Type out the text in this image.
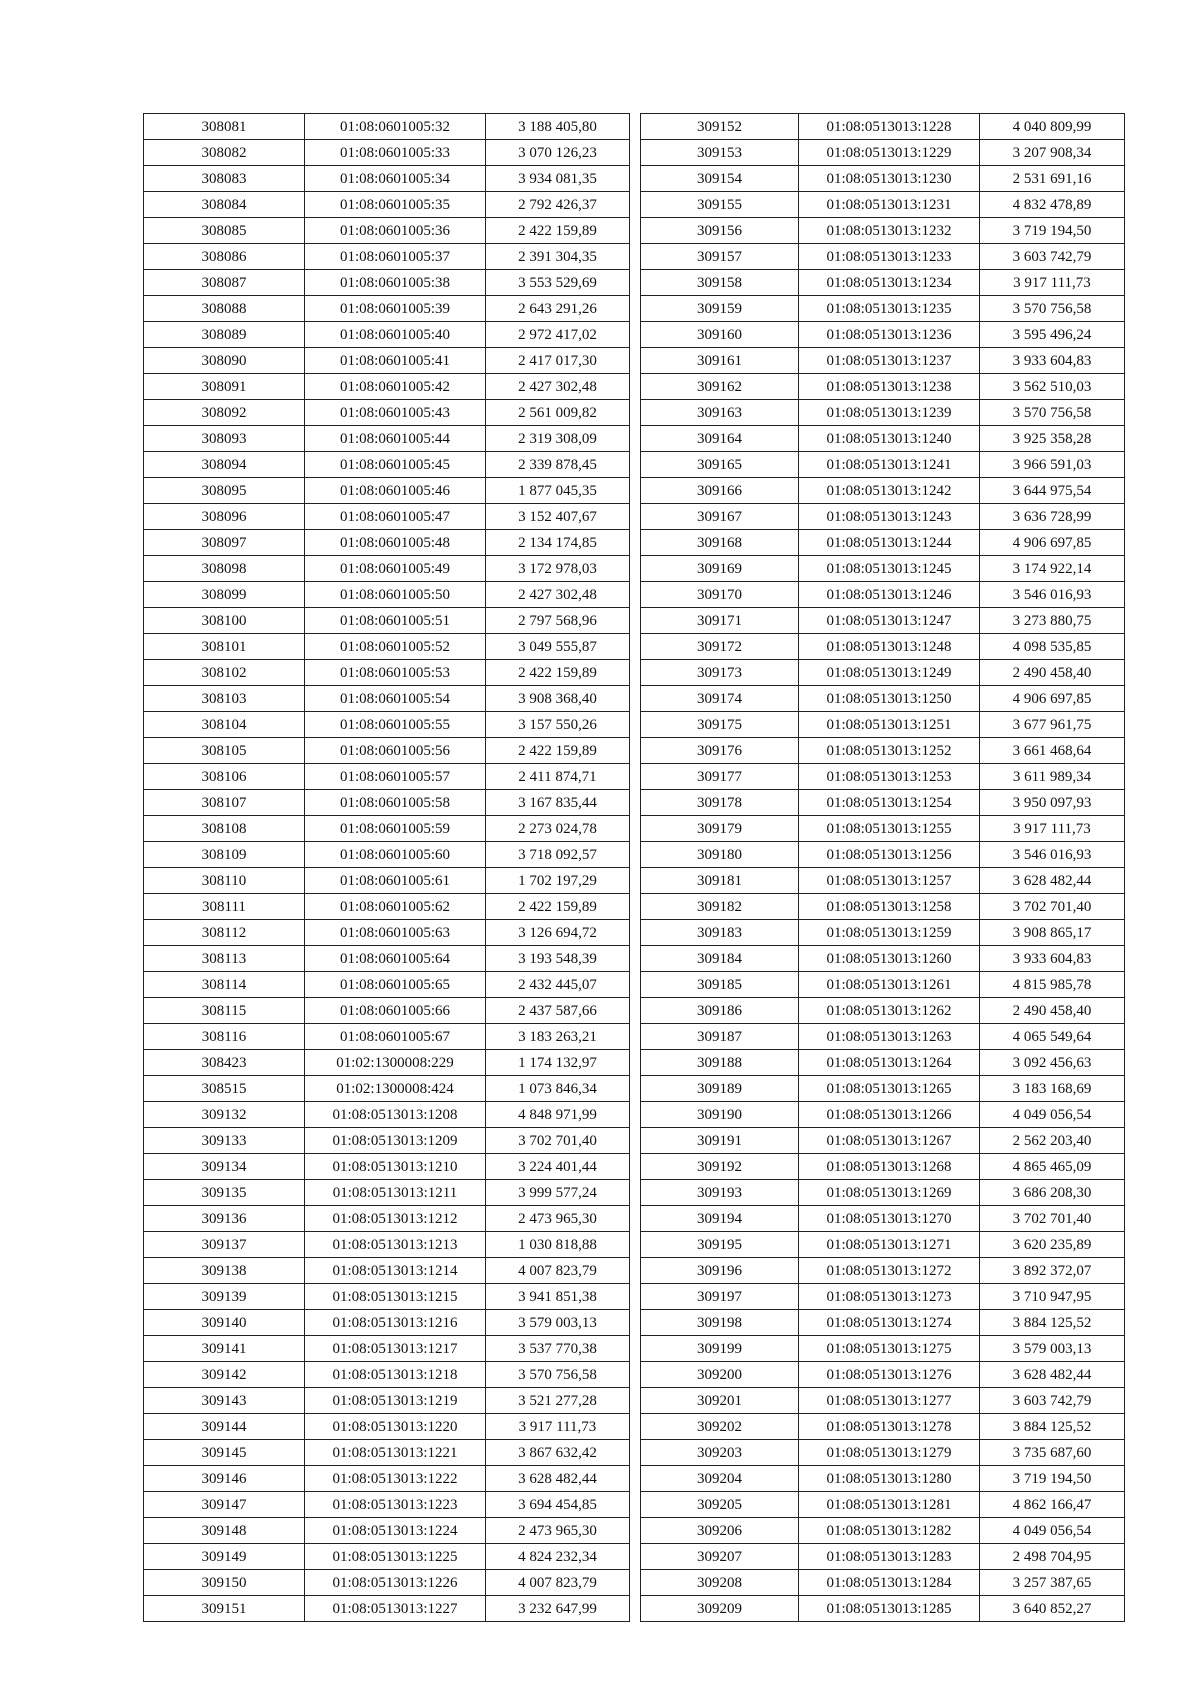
308081	01:08:0601005:32	3 188 405,80
308082	01:08:0601005:33	3 070 126,23
308083	01:08:0601005:34	3 934 081,35
308084	01:08:0601005:35	2 792 426,37
308085	01:08:0601005:36	2 422 159,89
308086	01:08:0601005:37	2 391 304,35
308087	01:08:0601005:38	3 553 529,69
308088	01:08:0601005:39	2 643 291,26
308089	01:08:0601005:40	2 972 417,02
308090	01:08:0601005:41	2 417 017,30
308091	01:08:0601005:42	2 427 302,48
308092	01:08:0601005:43	2 561 009,82
308093	01:08:0601005:44	2 319 308,09
308094	01:08:0601005:45	2 339 878,45
308095	01:08:0601005:46	1 877 045,35
308096	01:08:0601005:47	3 152 407,67
308097	01:08:0601005:48	2 134 174,85
308098	01:08:0601005:49	3 172 978,03
308099	01:08:0601005:50	2 427 302,48
308100	01:08:0601005:51	2 797 568,96
308101	01:08:0601005:52	3 049 555,87
308102	01:08:0601005:53	2 422 159,89
308103	01:08:0601005:54	3 908 368,40
308104	01:08:0601005:55	3 157 550,26
308105	01:08:0601005:56	2 422 159,89
308106	01:08:0601005:57	2 411 874,71
308107	01:08:0601005:58	3 167 835,44
308108	01:08:0601005:59	2 273 024,78
308109	01:08:0601005:60	3 718 092,57
308110	01:08:0601005:61	1 702 197,29
308111	01:08:0601005:62	2 422 159,89
308112	01:08:0601005:63	3 126 694,72
308113	01:08:0601005:64	3 193 548,39
308114	01:08:0601005:65	2 432 445,07
308115	01:08:0601005:66	2 437 587,66
308116	01:08:0601005:67	3 183 263,21
308423	01:02:1300008:229	1 174 132,97
308515	01:02:1300008:424	1 073 846,34
309132	01:08:0513013:1208	4 848 971,99
309133	01:08:0513013:1209	3 702 701,40
309134	01:08:0513013:1210	3 224 401,44
309135	01:08:0513013:1211	3 999 577,24
309136	01:08:0513013:1212	2 473 965,30
309137	01:08:0513013:1213	1 030 818,88
309138	01:08:0513013:1214	4 007 823,79
309139	01:08:0513013:1215	3 941 851,38
309140	01:08:0513013:1216	3 579 003,13
309141	01:08:0513013:1217	3 537 770,38
309142	01:08:0513013:1218	3 570 756,58
309143	01:08:0513013:1219	3 521 277,28
309144	01:08:0513013:1220	3 917 111,73
309145	01:08:0513013:1221	3 867 632,42
309146	01:08:0513013:1222	3 628 482,44
309147	01:08:0513013:1223	3 694 454,85
309148	01:08:0513013:1224	2 473 965,30
309149	01:08:0513013:1225	4 824 232,34
309150	01:08:0513013:1226	4 007 823,79
309151	01:08:0513013:1227	3 232 647,99
309152	01:08:0513013:1228	4 040 809,99
309153	01:08:0513013:1229	3 207 908,34
309154	01:08:0513013:1230	2 531 691,16
309155	01:08:0513013:1231	4 832 478,89
309156	01:08:0513013:1232	3 719 194,50
309157	01:08:0513013:1233	3 603 742,79
309158	01:08:0513013:1234	3 917 111,73
309159	01:08:0513013:1235	3 570 756,58
309160	01:08:0513013:1236	3 595 496,24
309161	01:08:0513013:1237	3 933 604,83
309162	01:08:0513013:1238	3 562 510,03
309163	01:08:0513013:1239	3 570 756,58
309164	01:08:0513013:1240	3 925 358,28
309165	01:08:0513013:1241	3 966 591,03
309166	01:08:0513013:1242	3 644 975,54
309167	01:08:0513013:1243	3 636 728,99
309168	01:08:0513013:1244	4 906 697,85
309169	01:08:0513013:1245	3 174 922,14
309170	01:08:0513013:1246	3 546 016,93
309171	01:08:0513013:1247	3 273 880,75
309172	01:08:0513013:1248	4 098 535,85
309173	01:08:0513013:1249	2 490 458,40
309174	01:08:0513013:1250	4 906 697,85
309175	01:08:0513013:1251	3 677 961,75
309176	01:08:0513013:1252	3 661 468,64
309177	01:08:0513013:1253	3 611 989,34
309178	01:08:0513013:1254	3 950 097,93
309179	01:08:0513013:1255	3 917 111,73
309180	01:08:0513013:1256	3 546 016,93
309181	01:08:0513013:1257	3 628 482,44
309182	01:08:0513013:1258	3 702 701,40
309183	01:08:0513013:1259	3 908 865,17
309184	01:08:0513013:1260	3 933 604,83
309185	01:08:0513013:1261	4 815 985,78
309186	01:08:0513013:1262	2 490 458,40
309187	01:08:0513013:1263	4 065 549,64
309188	01:08:0513013:1264	3 092 456,63
309189	01:08:0513013:1265	3 183 168,69
309190	01:08:0513013:1266	4 049 056,54
309191	01:08:0513013:1267	2 562 203,40
309192	01:08:0513013:1268	4 865 465,09
309193	01:08:0513013:1269	3 686 208,30
309194	01:08:0513013:1270	3 702 701,40
309195	01:08:0513013:1271	3 620 235,89
309196	01:08:0513013:1272	3 892 372,07
309197	01:08:0513013:1273	3 710 947,95
309198	01:08:0513013:1274	3 884 125,52
309199	01:08:0513013:1275	3 579 003,13
309200	01:08:0513013:1276	3 628 482,44
309201	01:08:0513013:1277	3 603 742,79
309202	01:08:0513013:1278	3 884 125,52
309203	01:08:0513013:1279	3 735 687,60
309204	01:08:0513013:1280	3 719 194,50
309205	01:08:0513013:1281	4 862 166,47
309206	01:08:0513013:1282	4 049 056,54
309207	01:08:0513013:1283	2 498 704,95
309208	01:08:0513013:1284	3 257 387,65
309209	01:08:0513013:1285	3 640 852,27
